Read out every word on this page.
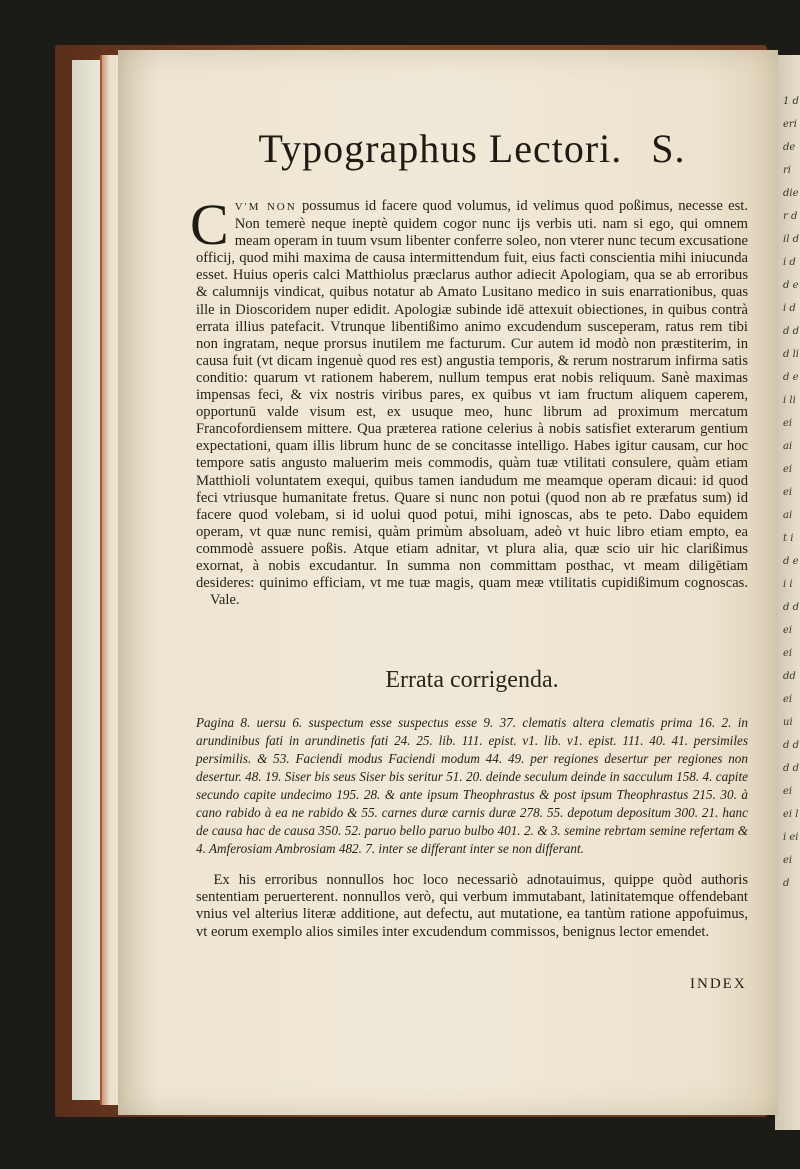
1 deri deri dier dil di d d ei d d d d li d ei li ei ai ei ei ai t i d ei i d d ei ei dd ei ui d d d d ei ei li ei ei d
Typographus Lectori. S.

C V'M NON possumus id facere quod volumus, id velimus quod poßimus, necesse est. Non temerè neque ineptè quidem cogor nunc ijs verbis uti. nam si ego, qui omnem meam operam in tuum vsum libenter conferre soleo, non vterer nunc tecum excusatione officij, quod mihi maxima de causa intermittendum fuit, eius facti conscientia mihi iniucunda esset. Huius operis calci Matthiolus præclarus author adiecit Apologiam, qua se ab erroribus & calumnijs vindicat, quibus notatur ab Amato Lusitano medico in suis enarrationibus, quas ille in Dioscoridem nuper edidit. Apologiæ subinde idē attexuit obiectiones, in quibus contrà errata illius patefacit. Vtrunque libentißimo animo excudendum susceperam, ratus rem tibi non ingratam, neque prorsus inutilem me facturum. Cur autem id modò non præstiterim, in causa fuit (vt dicam ingenuè quod res est) angustia temporis, & rerum nostrarum infirma satis conditio: quarum vt rationem haberem, nullum tempus erat nobis reliquum. Sanè maximas impensas feci, & vix nostris viribus pares, ex quibus vt iam fructum aliquem caperem, opportunū valde visum est, ex usuque meo, hunc librum ad proximum mercatum Francofordiensem mittere. Qua præterea ratione celerius à nobis satisfiet exterarum gentium expectationi, quam illis librum hunc de se concitasse intelligo. Habes igitur causam, cur hoc tempore satis angusto maluerim meis commodis, quàm tuæ vtilitati consulere, quàm etiam Matthioli voluntatem exequi, quibus tamen iandudum me meamque operam dicaui: id quod feci vtriusque humanitate fretus. Quare si nunc non potui (quod non ab re præfatus sum) id facere quod volebam, si id uolui quod potui, mihi ignoscas, abs te peto. Dabo equidem operam, vt quæ nunc remisi, quàm primùm absoluam, adeò vt huic libro etiam empto, ea commodè assuere poßis. Atque etiam adnitar, vt plura alia, quæ scio uir hic clarißimus exornat, à nobis excudantur. In summa non committam posthac, vt meam diligētiam desideres: quinimo efficiam, vt me tuæ magis, quam meæ vtilitatis cupidißimum cognoscas. Vale.

Errata corrigenda.

Pagina 8. uersu 6. suspectum esse suspectus esse 9. 37. clematis altera clematis prima 16. 2. in arundinibus fati in arundinetis fati 24. 25. lib. 111. epist. v1. lib. v1. epist. 111. 40. 41. persimiles persimilis. & 53. Faciendi modus Faciendi modum 44. 49. per regiones desertur per regiones non desertur. 48. 19. Siser bis seus Siser bis seritur 51. 20. deinde seculum deinde in sacculum 158. 4. capite secundo capite undecimo 195. 28. & ante ipsum Theophrastus & post ipsum Theophrastus 215. 30. à cano rabido à ea ne rabido & 55. carnes duræ carnis duræ 278. 55. depotum depositum 300. 21. hanc de causa hac de causa 350. 52. paruo bello paruo bulbo 401. 2. & 3. semine rebrtam semine refertam & 4. Amferosiam Ambrosiam 482. 7. inter se differant inter se non differant.

Ex his erroribus nonnullos hoc loco necessariò adnotauimus, quippe quòd authoris sententiam peruerterent. nonnullos verò, qui verbum immutabant, latinitatemque offendebant vnius vel alterius literæ additione, aut defectu, aut mutatione, ea tantùm ratione appofuimus, vt eorum exemplo alios similes inter excudendum commissos, benignus lector emendet.

INDEX
